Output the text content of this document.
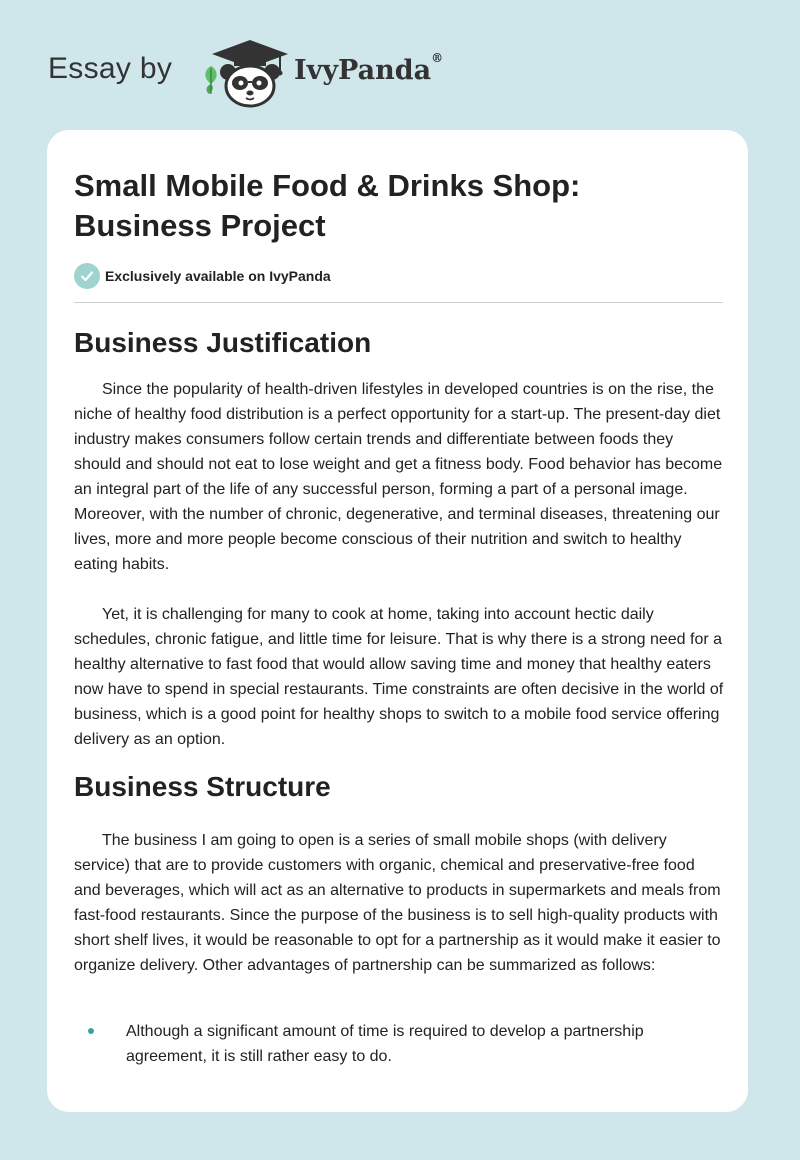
Essay by	IvyPanda®
Small Mobile Food & Drinks Shop: Business Project
Exclusively available on IvyPanda
Business Justification

Since the popularity of health-driven lifestyles in developed countries is on the rise, the niche of healthy food distribution is a perfect opportunity for a start-up. The present-day diet industry makes consumers follow certain trends and differentiate between foods they should and should not eat to lose weight and get a fitness body. Food behavior has become an integral part of the life of any successful person, forming a part of a personal image. Moreover, with the number of chronic, degenerative, and terminal diseases, threatening our lives, more and more people become conscious of their nutrition and switch to healthy eating habits.

Yet, it is challenging for many to cook at home, taking into account hectic daily schedules, chronic fatigue, and little time for leisure. That is why there is a strong need for a healthy alternative to fast food that would allow saving time and money that healthy eaters now have to spend in special restaurants. Time constraints are often decisive in the world of business, which is a good point for healthy shops to switch to a mobile food service offering delivery as an option.

Business Structure

The business I am going to open is a series of small mobile shops (with delivery service) that are to provide customers with organic, chemical and preservative-free food and beverages, which will act as an alternative to products in supermarkets and meals from fast-food restaurants. Since the purpose of the business is to sell high-quality products with short shelf lives, it would be reasonable to opt for a partnership as it would make it easier to organize delivery. Other advantages of partnership can be summarized as follows:

Although a significant amount of time is required to develop a partnership agreement, it is still rather easy to do.
